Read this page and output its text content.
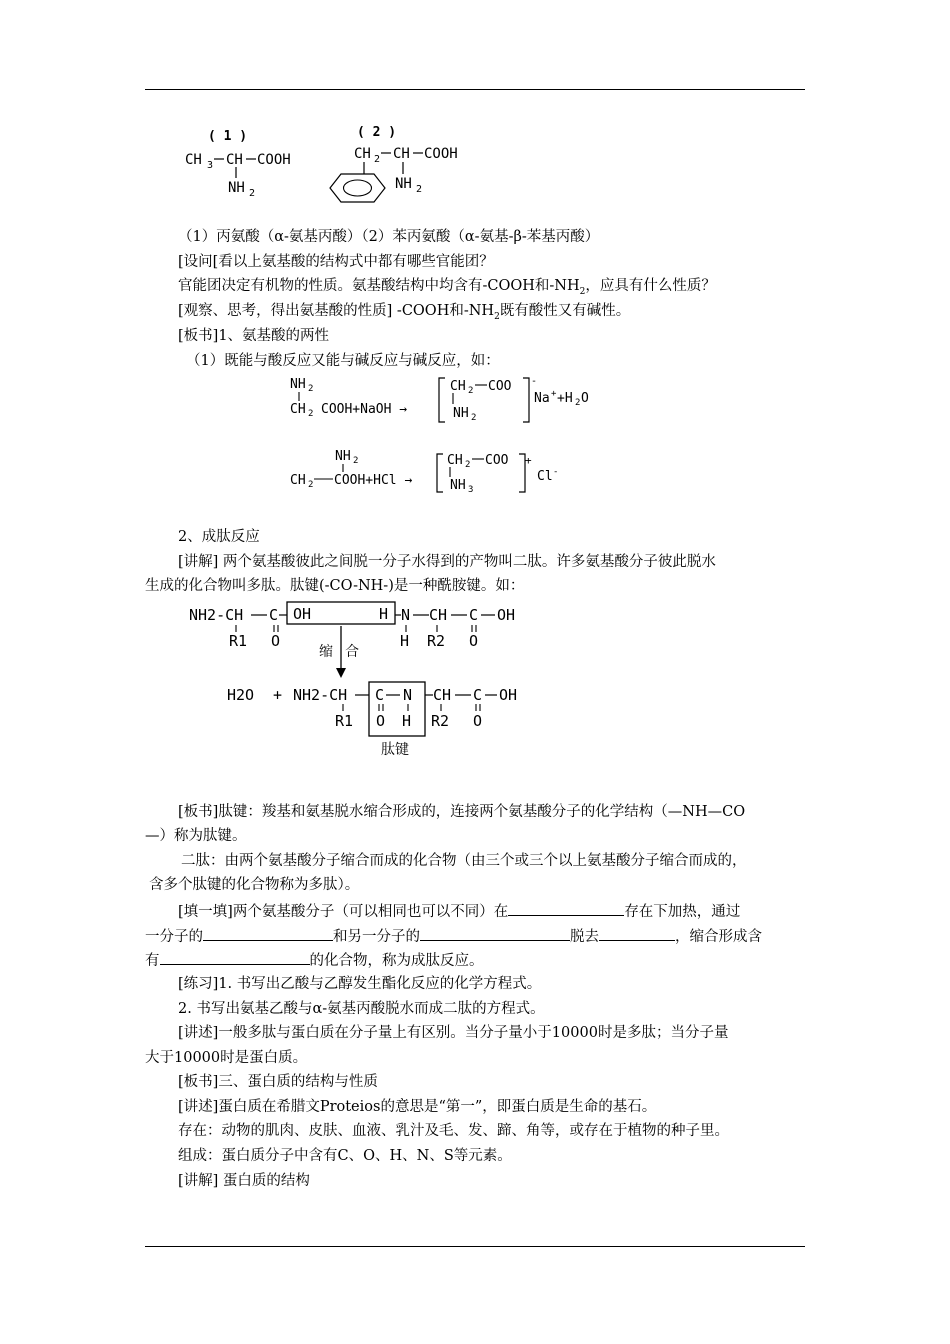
( 1 )
CH 3 CH COOH
NH 2
( 2 )
CH 2 CH COOH
NH 2
（1）丙氨酸（α-氨基丙酸）（2）苯丙氨酸（α-氨基-β-苯基丙酸）
[设问[看以上氨基酸的结构式中都有哪些官能团？
官能团决定有机物的性质。氨基酸结构中均含有-COOH和$-NH_2$，应具有什么性质？
[观察、思考，得出氨基酸的性质] -COOH和$-NH_2$既有酸性又有碱性。
[板书]1、氨基酸的两性
（1）既能与酸反应又能与碱反应与碱反应，如：
NH 2
CH 2 COOH+NaOH →
CH 2 COO
NH 2
-
Na + +H 2 O
NH 2
CH 2 COOH+HCl →
CH 2 COO
NH 3
+
Cl -
2、成肽反应
[讲解] 两个氨基酸彼此之间脱一分子水得到的产物叫二肽。许多氨基酸分子彼此脱水
生成的化合物叫多肽。肽键(-CO-NH-)是一种酰胺键。如：
NH2-CH C OH	H N CH C OH
R1 O	H R2 O
缩 合
H2O + NH2-CH C N CH C OH
R1 O H R2 O
肽键
[板书]肽键：羧基和氨基脱水缩合形成的，连接两个氨基酸分子的化学结构（—NH—CO
—）称为肽键。
二肽：由两个氨基酸分子缩合而成的化合物（由三个或三个以上氨基酸分子缩合而成的，
含多个肽键的化合物称为多肽）。
[填一填]两个氨基酸分子（可以相同也可以不同）在	存在下加热，通过
一分子的	和另一分子的	脱去	，缩合形成含
有	的化合物，称为成肽反应。
[练习]1. 书写出乙酸与乙醇发生酯化反应的化学方程式。
2. 书写出氨基乙酸与α-氨基丙酸脱水而成二肽的方程式。
[讲述]一般多肽与蛋白质在分子量上有区别。当分子量小于10000时是多肽；当分子量
大于10000时是蛋白质。
[板书]三、蛋白质的结构与性质
[讲述]蛋白质在希腊文Proteios的意思是“第一”，即蛋白质是生命的基石。
存在：动物的肌肉、皮肤、血液、乳汁及毛、发、蹄、角等，或存在于植物的种子里。
组成：蛋白质分子中含有C、O、H、N、S等元素。
[讲解] 蛋白质的结构
